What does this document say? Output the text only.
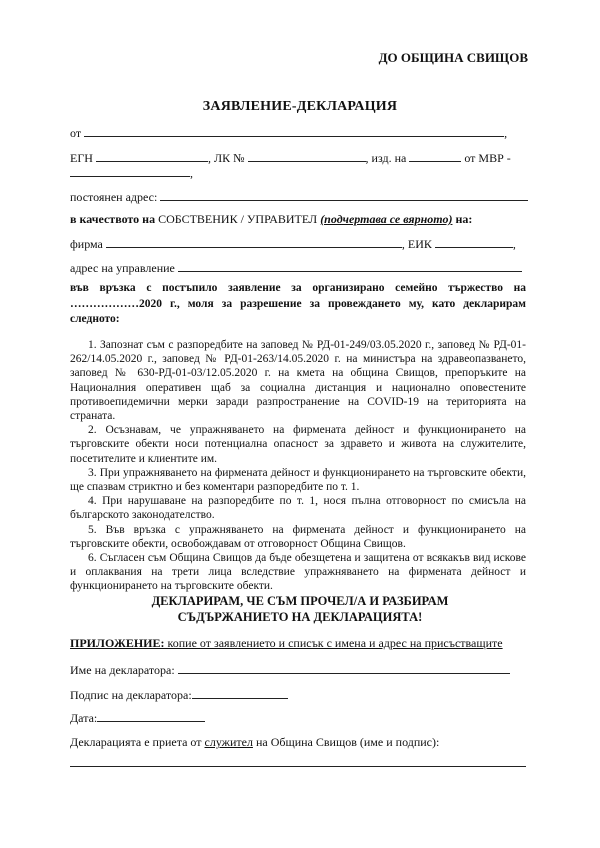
ДО ОБЩИНА СВИЩОВ
ЗАЯВЛЕНИЕ-ДЕКЛАРАЦИЯ
от	,
ЕГН	, ЛК №	, изд. на	от МВР -
,
постоянен адрес:
в качеството на СОБСТВЕНИК / УПРАВИТЕЛ (подчертава се вярното) на:
фирма	, ЕИК	,
адрес на управление
във връзка с постъпило заявление за организирано семейно тържество на ………………2020 г., моля за разрешение за провеждането му, като декларирам следното:

1. Запознат съм с разпоредбите на заповед № РД-01-249/03.05.2020 г., заповед № РД-01-262/14.05.2020 г., заповед № РД-01-263/14.05.2020 г. на министъра на здравеопазването, заповед № 630-РД-01-03/12.05.2020 г. на кмета на община Свищов, препоръките на Националния оперативен щаб за социална дистанция и национално оповестените противоепидемични мерки заради разпространение на COVID-19 на територията на страната.

2. Осъзнавам, че упражняването на фирмената дейност и функционирането на търговските обекти носи потенциална опасност за здравето и живота на служителите, посетителите и клиентите им.

3. При упражняването на фирмената дейност и функционирането на търговските обекти, ще спазвам стриктно и без коментари разпоредбите по т. 1.

4. При нарушаване на разпоредбите по т. 1, нося пълна отговорност по смисъла на българското законодателство.

5. Във връзка с упражняването на фирмената дейност и функционирането на търговските обекти, освобождавам от отговорност Община Свищов.

6. Съгласен съм Община Свищов да бъде обезщетена и защитена от всякакъв вид искове и оплаквания на трети лица вследствие упражняването на фирмената дейност и функционирането на търговските обекти.

ДЕКЛАРИРАМ, ЧЕ СЪМ ПРОЧЕЛ/А И РАЗБИРАМ
СЪДЪРЖАНИЕТО НА ДЕКЛАРАЦИЯТА!
ПРИЛОЖЕНИЕ: копие от заявлението и списък с имена и адрес на присъстващите
Име на декларатора:
Подпис на декларатора:
Дата:
Декларацията е приета от служител на Община Свищов (име и подпис):
